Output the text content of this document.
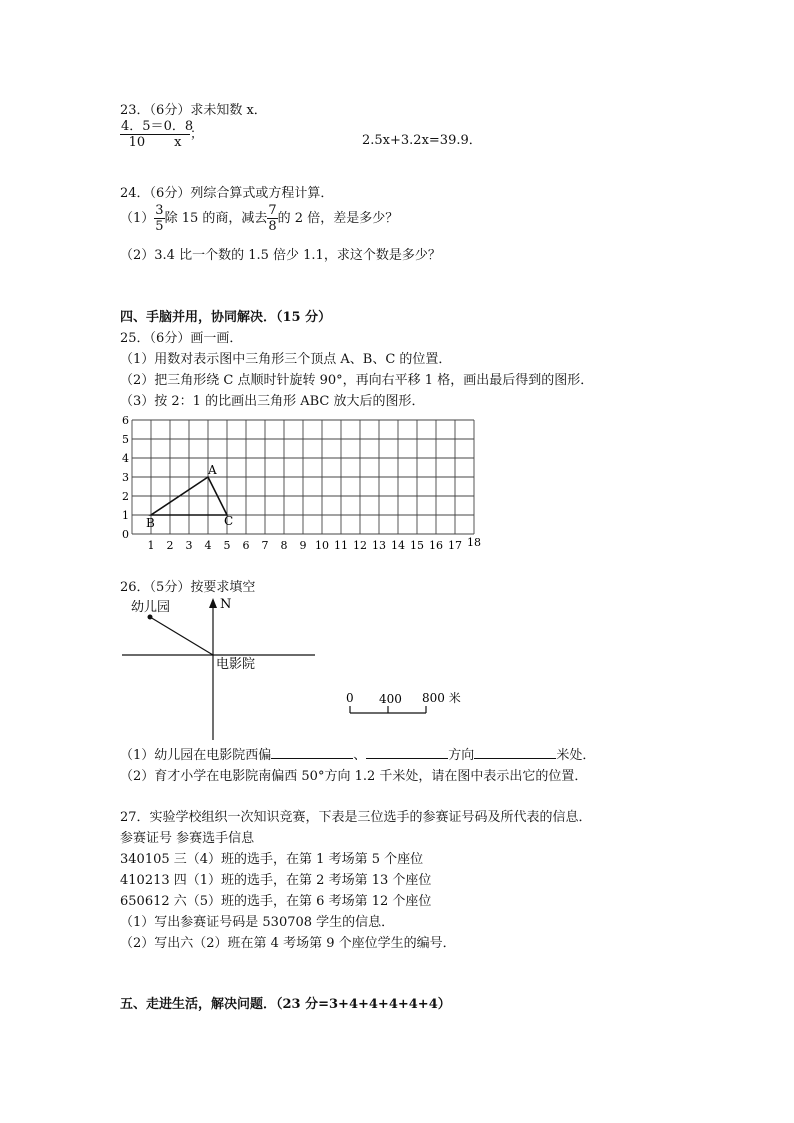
23．（6分）求未知数 x．
$\frac{4.5=0.8}{10 x}$ ；	2.5x+3.2x=39.9．
24．（6分）列综合算式或方程计算．
$(1) \frac{3}{5}$ 除 15 的商，减去 $\frac{7}{8}$ 的 2 倍，差是多少？
（2）3.4 比一个数的 1.5 倍少 1.1，求这个数是多少？
四、手脑并用，协同解决．（15 分）
25．（6分）画一画．
（1）用数对表示图中三角形三个顶点 A、B、C 的位置．
（2）把三角形绕 C 点顺时针旋转 90°，再向右平移 1 格，画出最后得到的图形．
（3）按 2：1 的比画出三角形 ABC 放大后的图形．
A
B	C
0
1
2
3
4
5
6
1 2 3 4 5 6 7 8 9 10 11 12 13 14 15 16 17 18
26．（5分）按要求填空
N
幼儿园
电影院
0 400 800 米
（1）幼儿园在电影院西偏	、	方向	米处．
（2）育才小学在电影院南偏西 50°方向 1.2 千米处，请在图中表示出它的位置．
27．实验学校组织一次知识竞赛，下表是三位选手的参赛证号码及所代表的信息．
参赛证号 参赛选手信息
340105 三（4）班的选手，在第 1 考场第 5 个座位
410213 四（1）班的选手，在第 2 考场第 13 个座位
650612 六（5）班的选手，在第 6 考场第 12 个座位
（1）写出参赛证号码是 530708 学生的信息．
（2）写出六（2）班在第 4 考场第 9 个座位学生的编号．
五、走进生活，解决问题．（23 分=3+4+4+4+4+4）
